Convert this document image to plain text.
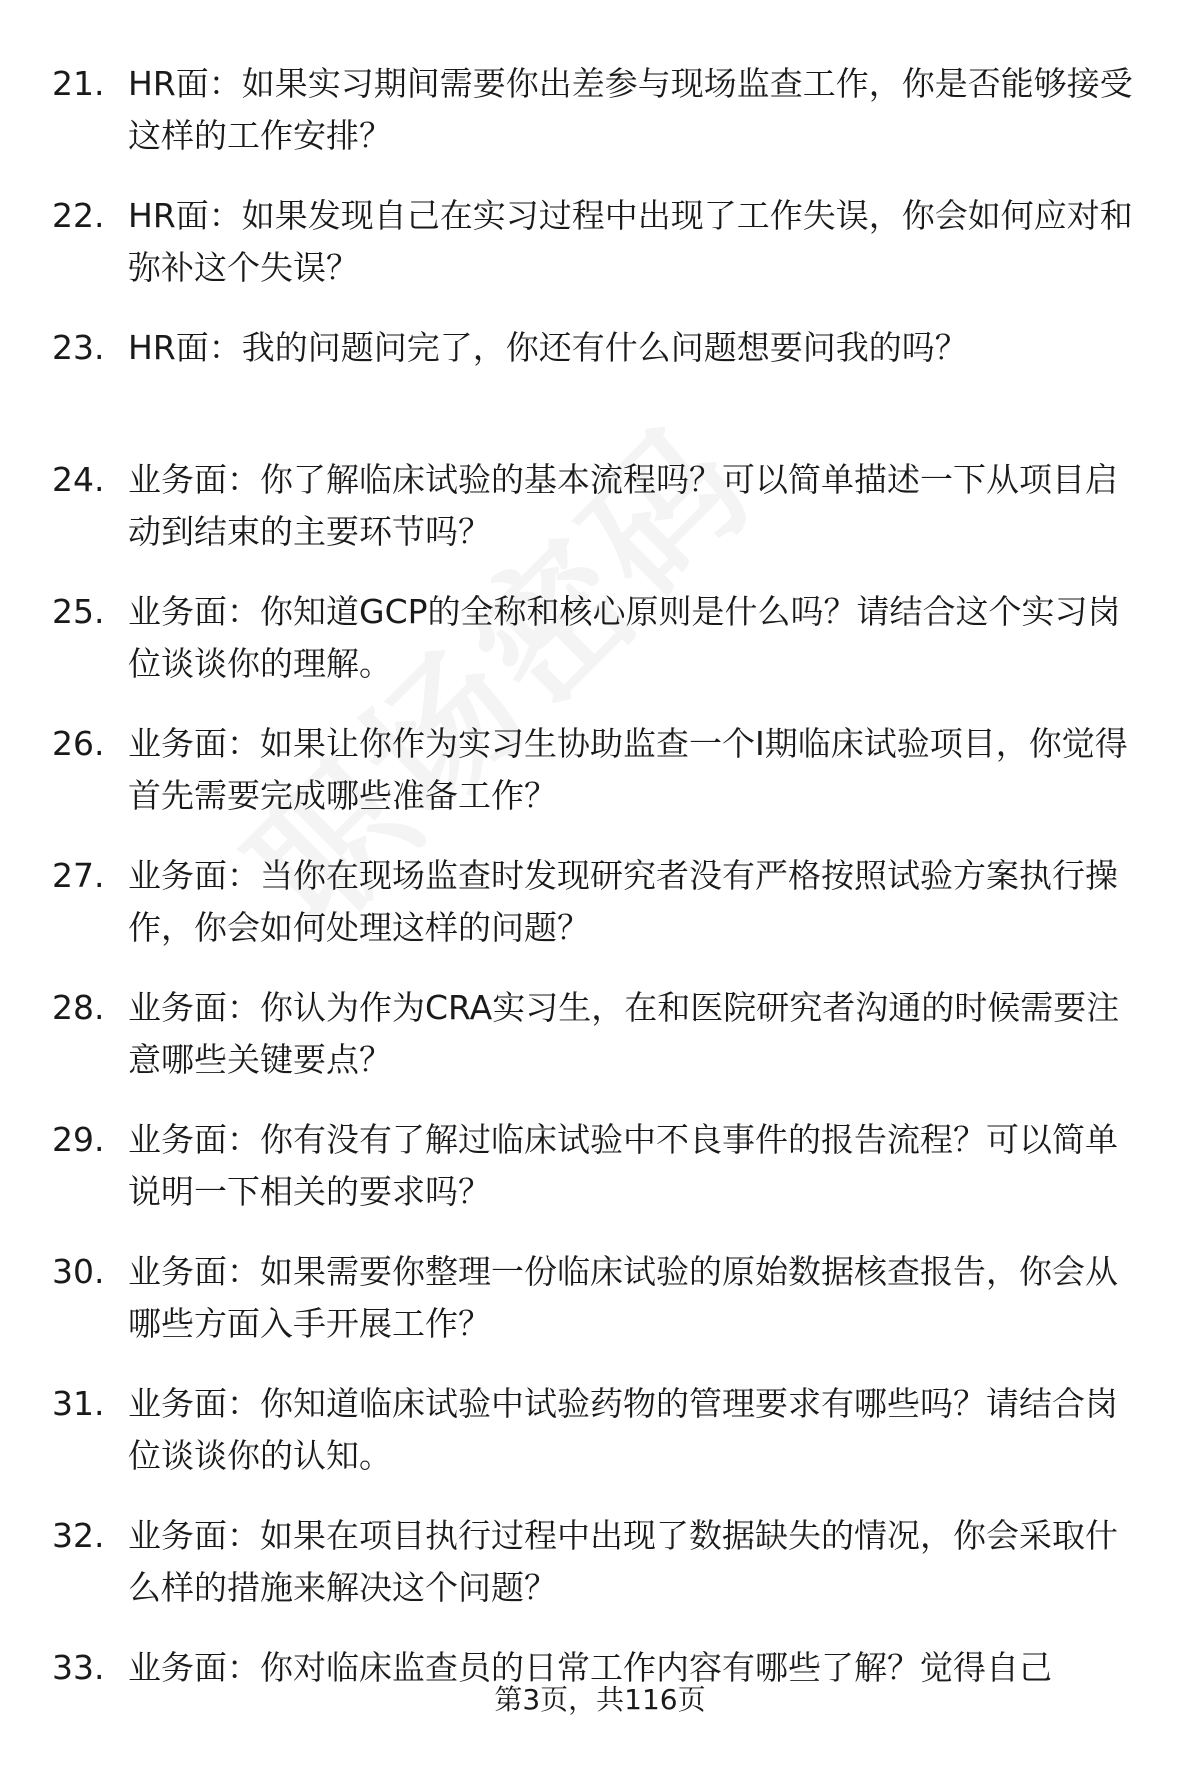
21. HR面：如果实习期间需要你出差参与现场监查工作，你是否能够接受这样的工作安排？
22. HR面：如果发现自己在实习过程中出现了工作失误，你会如何应对和弥补这个失误？
23. HR面：我的问题问完了，你还有什么问题想要问我的吗？
24. 业务面：你了解临床试验的基本流程吗？可以简单描述一下从项目启动到结束的主要环节吗？
25. 业务面：你知道GCP的全称和核心原则是什么吗？请结合这个实习岗位谈谈你的理解。
26. 业务面：如果让你作为实习生协助监查一个Ⅰ期临床试验项目，你觉得首先需要完成哪些准备工作？
27. 业务面：当你在现场监查时发现研究者没有严格按照试验方案执行操作，你会如何处理这样的问题？
28. 业务面：你认为作为CRA实习生，在和医院研究者沟通的时候需要注意哪些关键要点？
29. 业务面：你有没有了解过临床试验中不良事件的报告流程？可以简单说明一下相关的要求吗？
30. 业务面：如果需要你整理一份临床试验的原始数据核查报告，你会从哪些方面入手开展工作？
31. 业务面：你知道临床试验中试验药物的管理要求有哪些吗？请结合岗位谈谈你的认知。
32. 业务面：如果在项目执行过程中出现了数据缺失的情况，你会采取什么样的措施来解决这个问题？
33. 业务面：你对临床监查员的日常工作内容有哪些了解？觉得自己
第3页，共116页
